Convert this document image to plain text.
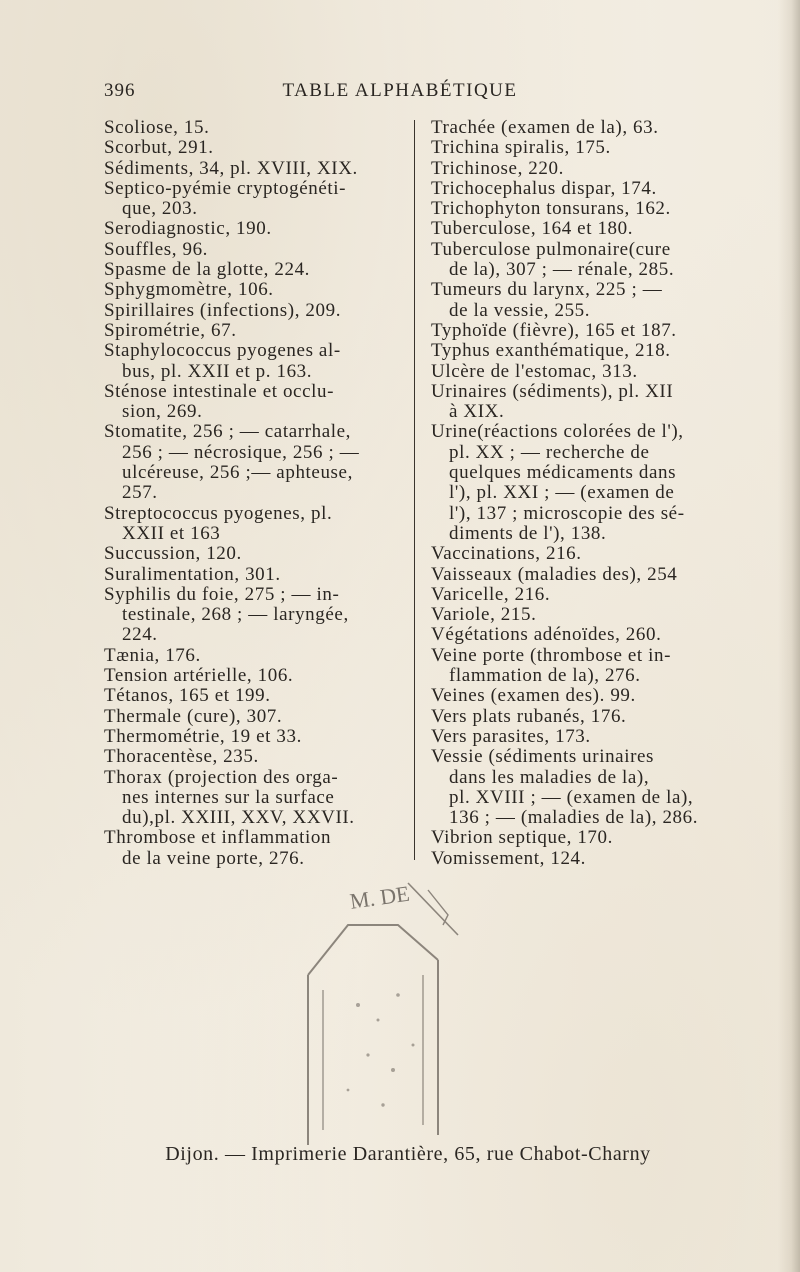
396	TABLE ALPHABÉTIQUE
Scoliose, 15.
Scorbut, 291.
Sédiments, 34, pl. XVIII, XIX.
Septico-pyémie cryptogénéti-
que, 203.
Serodiagnostic, 190.
Souffles, 96.
Spasme de la glotte, 224.
Sphygmomètre, 106.
Spirillaires (infections), 209.
Spirométrie, 67.
Staphylococcus pyogenes al-
bus, pl. XXII et p. 163.
Sténose intestinale et occlu-
sion, 269.
Stomatite, 256 ; — catarrhale,
256 ; — nécrosique, 256 ; —
ulcéreuse, 256 ;— aphteuse,
257.
Streptococcus pyogenes, pl.
XXII et 163
Succussion, 120.
Suralimentation, 301.
Syphilis du foie, 275 ; — in-
testinale, 268 ; — laryngée,
224.
Tænia, 176.
Tension artérielle, 106.
Tétanos, 165 et 199.
Thermale (cure), 307.
Thermométrie, 19 et 33.
Thoracentèse, 235.
Thorax (projection des orga-
nes internes sur la surface
du),pl. XXIII, XXV, XXVII.
Thrombose et inflammation
de la veine porte, 276.
Trachée (examen de la), 63.
Trichina spiralis, 175.
Trichinose, 220.
Trichocephalus dispar, 174.
Trichophyton tonsurans, 162.
Tuberculose, 164 et 180.
Tuberculose pulmonaire(cure
de la), 307 ; — rénale, 285.
Tumeurs du larynx, 225 ; —
de la vessie, 255.
Typhoïde (fièvre), 165 et 187.
Typhus exanthématique, 218.
Ulcère de l'estomac, 313.
Urinaires (sédiments), pl. XII
à XIX.
Urine(réactions colorées de l'),
pl. XX ; — recherche de
quelques médicaments dans
l'), pl. XXI ; — (examen de
l'), 137 ; microscopie des sé-
diments de l'), 138.
Vaccinations, 216.
Vaisseaux (maladies des), 254
Varicelle, 216.
Variole, 215.
Végétations adénoïdes, 260.
Veine porte (thrombose et in-
flammation de la), 276.
Veines (examen des). 99.
Vers plats rubanés, 176.
Vers parasites, 173.
Vessie (sédiments urinaires
dans les maladies de la),
pl. XVIII ; — (examen de la),
136 ; — (maladies de la), 286.
Vibrion septique, 170.
Vomissement, 124.
M. DE
Dijon. — Imprimerie Darantière, 65, rue Chabot-Charny
